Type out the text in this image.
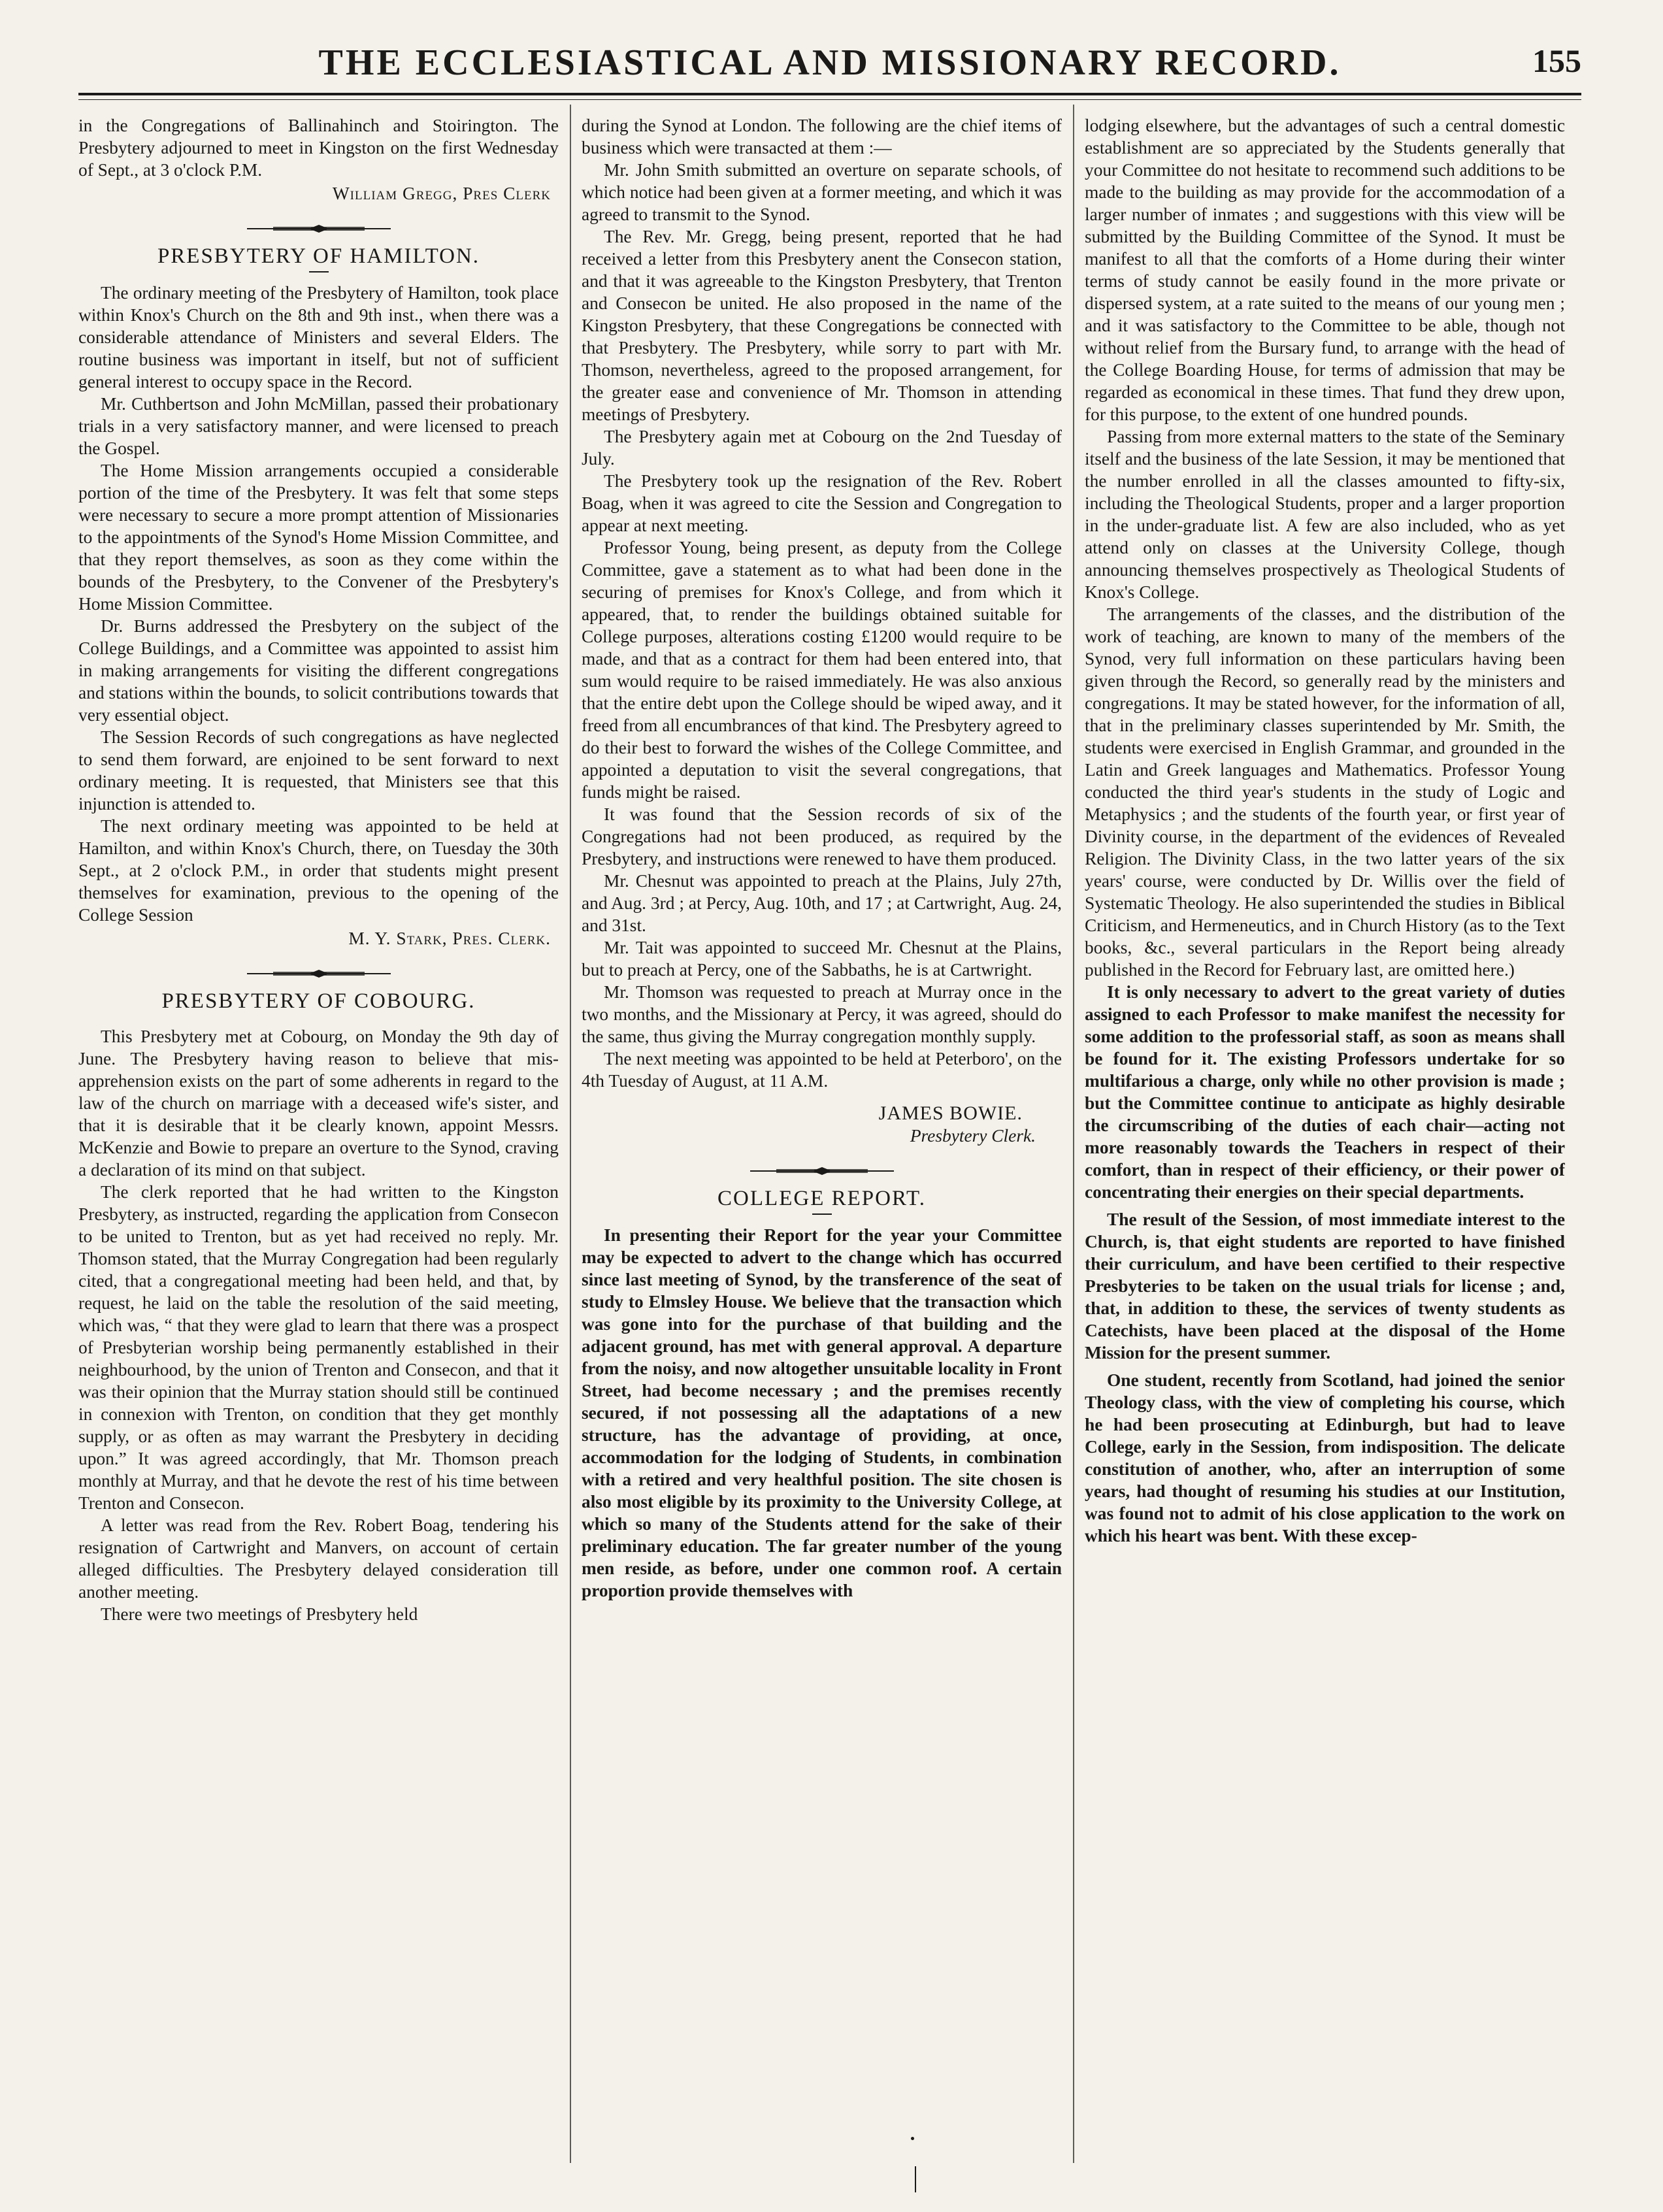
THE ECCLESIASTICAL AND MISSIONARY RECORD.	155

in the Congregations of Ballinahinch and Stoirington. The Presbytery adjourned to meet in Kingston on the first Wednesday of Sept., at 3 o'clock P.M.

William Gregg, Pres Clerk
PRESBYTERY OF HAMILTON.

The ordinary meeting of the Presbytery of Hamilton, took place within Knox's Church on the 8th and 9th inst., when there was a considerable attendance of Ministers and several Elders. The routine business was important in itself, but not of sufficient general interest to occupy space in the Record.

Mr. Cuthbertson and John McMillan, passed their probationary trials in a very satisfactory manner, and were licensed to preach the Gospel.

The Home Mission arrangements occupied a considerable portion of the time of the Presbytery. It was felt that some steps were necessary to secure a more prompt attention of Missionaries to the appointments of the Synod's Home Mission Committee, and that they report themselves, as soon as they come within the bounds of the Presbytery, to the Convener of the Presbytery's Home Mission Committee.

Dr. Burns addressed the Presbytery on the subject of the College Buildings, and a Committee was appointed to assist him in making arrangements for visiting the different congregations and stations within the bounds, to solicit contributions towards that very essential object.

The Session Records of such congregations as have neglected to send them forward, are enjoined to be sent forward to next ordinary meeting. It is requested, that Ministers see that this injunction is attended to.

The next ordinary meeting was appointed to be held at Hamilton, and within Knox's Church, there, on Tuesday the 30th Sept., at 2 o'clock P.M., in order that students might present themselves for examination, previous to the opening of the College Session

M. Y. Stark, Pres. Clerk.
PRESBYTERY OF COBOURG.

This Presbytery met at Cobourg, on Monday the 9th day of June. The Presbytery having reason to believe that mis-apprehension exists on the part of some adherents in regard to the law of the church on marriage with a deceased wife's sister, and that it is desirable that it be clearly known, appoint Messrs. McKenzie and Bowie to prepare an overture to the Synod, craving a declaration of its mind on that subject.

The clerk reported that he had written to the Kingston Presbytery, as instructed, regarding the application from Consecon to be united to Trenton, but as yet had received no reply. Mr. Thomson stated, that the Murray Congregation had been regularly cited, that a congregational meeting had been held, and that, by request, he laid on the table the resolution of the said meeting, which was, “ that they were glad to learn that there was a prospect of Presbyterian worship being permanently established in their neighbourhood, by the union of Trenton and Consecon, and that it was their opinion that the Murray station should still be continued in connexion with Trenton, on condition that they get monthly supply, or as often as may warrant the Presbytery in deciding upon.” It was agreed accordingly, that Mr. Thomson preach monthly at Murray, and that he devote the rest of his time between Trenton and Consecon.

A letter was read from the Rev. Robert Boag, tendering his resignation of Cartwright and Manvers, on account of certain alleged difficulties. The Presbytery delayed consideration till another meeting.

There were two meetings of Presbytery held

during the Synod at London. The following are the chief items of business which were transacted at them :—

Mr. John Smith submitted an overture on separate schools, of which notice had been given at a former meeting, and which it was agreed to transmit to the Synod.

The Rev. Mr. Gregg, being present, reported that he had received a letter from this Presbytery anent the Consecon station, and that it was agreeable to the Kingston Presbytery, that Trenton and Consecon be united. He also proposed in the name of the Kingston Presbytery, that these Congregations be connected with that Presbytery. The Presbytery, while sorry to part with Mr. Thomson, nevertheless, agreed to the proposed arrangement, for the greater ease and convenience of Mr. Thomson in attending meetings of Presbytery.

The Presbytery again met at Cobourg on the 2nd Tuesday of July.

The Presbytery took up the resignation of the Rev. Robert Boag, when it was agreed to cite the Session and Congregation to appear at next meeting.

Professor Young, being present, as deputy from the College Committee, gave a statement as to what had been done in the securing of premises for Knox's College, and from which it appeared, that, to render the buildings obtained suitable for College purposes, alterations costing £1200 would require to be made, and that as a contract for them had been entered into, that sum would require to be raised immediately. He was also anxious that the entire debt upon the College should be wiped away, and it freed from all encumbrances of that kind. The Presbytery agreed to do their best to forward the wishes of the College Committee, and appointed a deputation to visit the several congregations, that funds might be raised.

It was found that the Session records of six of the Congregations had not been produced, as required by the Presbytery, and instructions were renewed to have them produced.

Mr. Chesnut was appointed to preach at the Plains, July 27th, and Aug. 3rd ; at Percy, Aug. 10th, and 17 ; at Cartwright, Aug. 24, and 31st.

Mr. Tait was appointed to succeed Mr. Chesnut at the Plains, but to preach at Percy, one of the Sabbaths, he is at Cartwright.

Mr. Thomson was requested to preach at Murray once in the two months, and the Missionary at Percy, it was agreed, should do the same, thus giving the Murray congregation monthly supply.

The next meeting was appointed to be held at Peterboro', on the 4th Tuesday of August, at 11 A.M.

JAMES BOWIE.
Presbytery Clerk.
COLLEGE REPORT.

In presenting their Report for the year your Committee may be expected to advert to the change which has occurred since last meeting of Synod, by the transference of the seat of study to Elmsley House. We believe that the transaction which was gone into for the purchase of that building and the adjacent ground, has met with general approval. A departure from the noisy, and now altogether unsuitable locality in Front Street, had become necessary ; and the premises recently secured, if not possessing all the adaptations of a new structure, has the advantage of providing, at once, accommodation for the lodging of Students, in combination with a retired and very healthful position. The site chosen is also most eligible by its proximity to the University College, at which so many of the Students attend for the sake of their preliminary education. The far greater number of the young men reside, as before, under one common roof. A certain proportion provide themselves with

lodging elsewhere, but the advantages of such a central domestic establishment are so appreciated by the Students generally that your Committee do not hesitate to recommend such additions to be made to the building as may provide for the accommodation of a larger number of inmates ; and suggestions with this view will be submitted by the Building Committee of the Synod. It must be manifest to all that the comforts of a Home during their winter terms of study cannot be easily found in the more private or dispersed system, at a rate suited to the means of our young men ; and it was satisfactory to the Committee to be able, though not without relief from the Bursary fund, to arrange with the head of the College Boarding House, for terms of admission that may be regarded as economical in these times. That fund they drew upon, for this purpose, to the extent of one hundred pounds.

Passing from more external matters to the state of the Seminary itself and the business of the late Session, it may be mentioned that the number enrolled in all the classes amounted to fifty-six, including the Theological Students, proper and a larger proportion in the under-graduate list. A few are also included, who as yet attend only on classes at the University College, though announcing themselves prospectively as Theological Students of Knox's College.

The arrangements of the classes, and the distribution of the work of teaching, are known to many of the members of the Synod, very full information on these particulars having been given through the Record, so generally read by the ministers and congregations. It may be stated however, for the information of all, that in the preliminary classes superintended by Mr. Smith, the students were exercised in English Grammar, and grounded in the Latin and Greek languages and Mathematics. Professor Young conducted the third year's students in the study of Logic and Metaphysics ; and the students of the fourth year, or first year of Divinity course, in the department of the evidences of Revealed Religion. The Divinity Class, in the two latter years of the six years' course, were conducted by Dr. Willis over the field of Systematic Theology. He also superintended the studies in Biblical Criticism, and Hermeneutics, and in Church History (as to the Text books, &c., several particulars in the Report being already published in the Record for February last, are omitted here.)

It is only necessary to advert to the great variety of duties assigned to each Professor to make manifest the necessity for some addition to the professorial staff, as soon as means shall be found for it. The existing Professors undertake for so multifarious a charge, only while no other provision is made ; but the Committee continue to anticipate as highly desirable the circumscribing of the duties of each chair—acting not more reasonably towards the Teachers in respect of their comfort, than in respect of their efficiency, or their power of concentrating their energies on their special departments.

The result of the Session, of most immediate interest to the Church, is, that eight students are reported to have finished their curriculum, and have been certified to their respective Presbyteries to be taken on the usual trials for license ; and, that, in addition to these, the services of twenty students as Catechists, have been placed at the disposal of the Home Mission for the present summer.

One student, recently from Scotland, had joined the senior Theology class, with the view of completing his course, which he had been prosecuting at Edinburgh, but had to leave College, early in the Session, from indisposition. The delicate constitution of another, who, after an interruption of some years, had thought of resuming his studies at our Institution, was found not to admit of his close application to the work on which his heart was bent. With these excep-
